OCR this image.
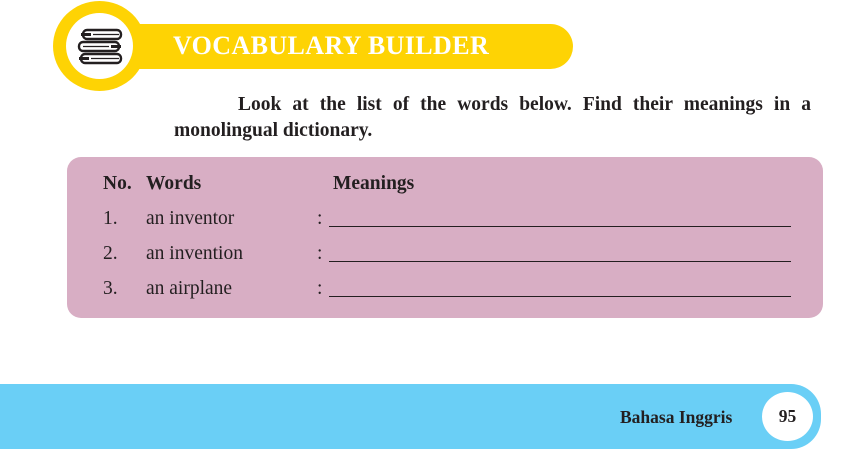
VOCABULARY BUILDER
Look at the list of the words below. Find their meanings in a monolingual dictionary.
No. Words	Meanings
1. an inventor	:
2. an invention	:
3. an airplane	:
Bahasa Inggris	95
